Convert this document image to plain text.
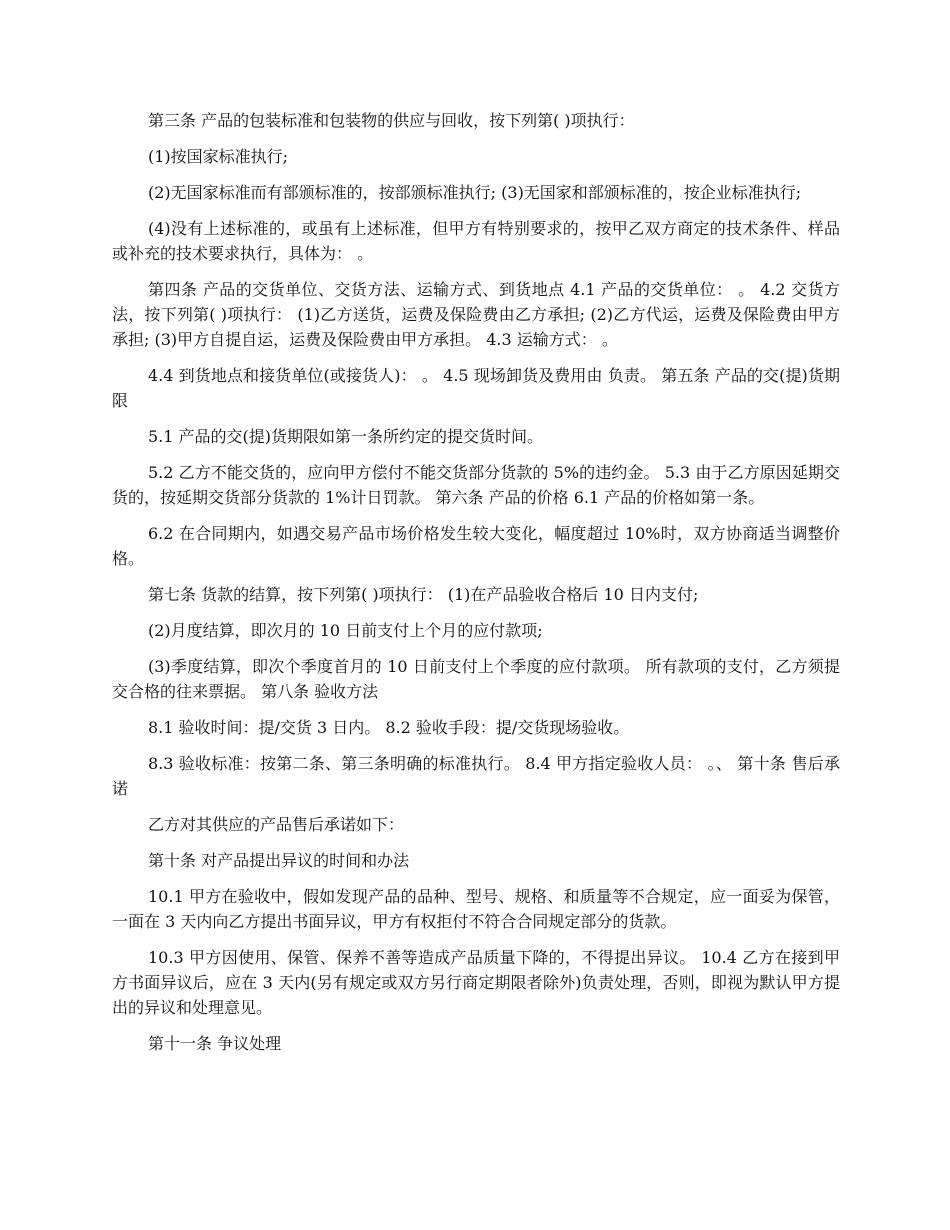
第三条 产品的包装标准和包装物的供应与回收，按下列第( )项执行：

(1)按国家标准执行;

(2)无国家标准而有部颁标准的，按部颁标准执行; (3)无国家和部颁标准的，按企业标准执行;

(4)没有上述标准的，或虽有上述标准，但甲方有特别要求的，按甲乙双方商定的技术条件、样品或补充的技术要求执行，具体为： 。

第四条 产品的交货单位、交货方法、运输方式、到货地点 4.1 产品的交货单位： 。 4.2 交货方法，按下列第( )项执行： (1)乙方送货，运费及保险费由乙方承担; (2)乙方代运，运费及保险费由甲方承担; (3)甲方自提自运，运费及保险费由甲方承担。 4.3 运输方式： 。

4.4 到货地点和接货单位(或接货人)： 。 4.5 现场卸货及费用由 负责。 第五条 产品的交(提)货期限

5.1 产品的交(提)货期限如第一条所约定的提交货时间。

5.2 乙方不能交货的，应向甲方偿付不能交货部分货款的 5%的违约金。 5.3 由于乙方原因延期交货的，按延期交货部分货款的 1%计日罚款。 第六条 产品的价格 6.1 产品的价格如第一条。

6.2 在合同期内，如遇交易产品市场价格发生较大变化，幅度超过 10%时，双方协商适当调整价格。

第七条 货款的结算，按下列第( )项执行： (1)在产品验收合格后 10 日内支付;

(2)月度结算，即次月的 10 日前支付上个月的应付款项;

(3)季度结算，即次个季度首月的 10 日前支付上个季度的应付款项。 所有款项的支付，乙方须提交合格的往来票据。 第八条 验收方法

8.1 验收时间：提/交货 3 日内。 8.2 验收手段：提/交货现场验收。

8.3 验收标准：按第二条、第三条明确的标准执行。 8.4 甲方指定验收人员： 。、 第十条 售后承诺

乙方对其供应的产品售后承诺如下：

第十条 对产品提出异议的时间和办法

10.1 甲方在验收中，假如发现产品的品种、型号、规格、和质量等不合规定，应一面妥为保管，一面在 3 天内向乙方提出书面异议，甲方有权拒付不符合合同规定部分的货款。

10.3 甲方因使用、保管、保养不善等造成产品质量下降的，不得提出异议。 10.4 乙方在接到甲方书面异议后，应在 3 天内(另有规定或双方另行商定期限者除外)负责处理，否则，即视为默认甲方提出的异议和处理意见。

第十一条 争议处理
